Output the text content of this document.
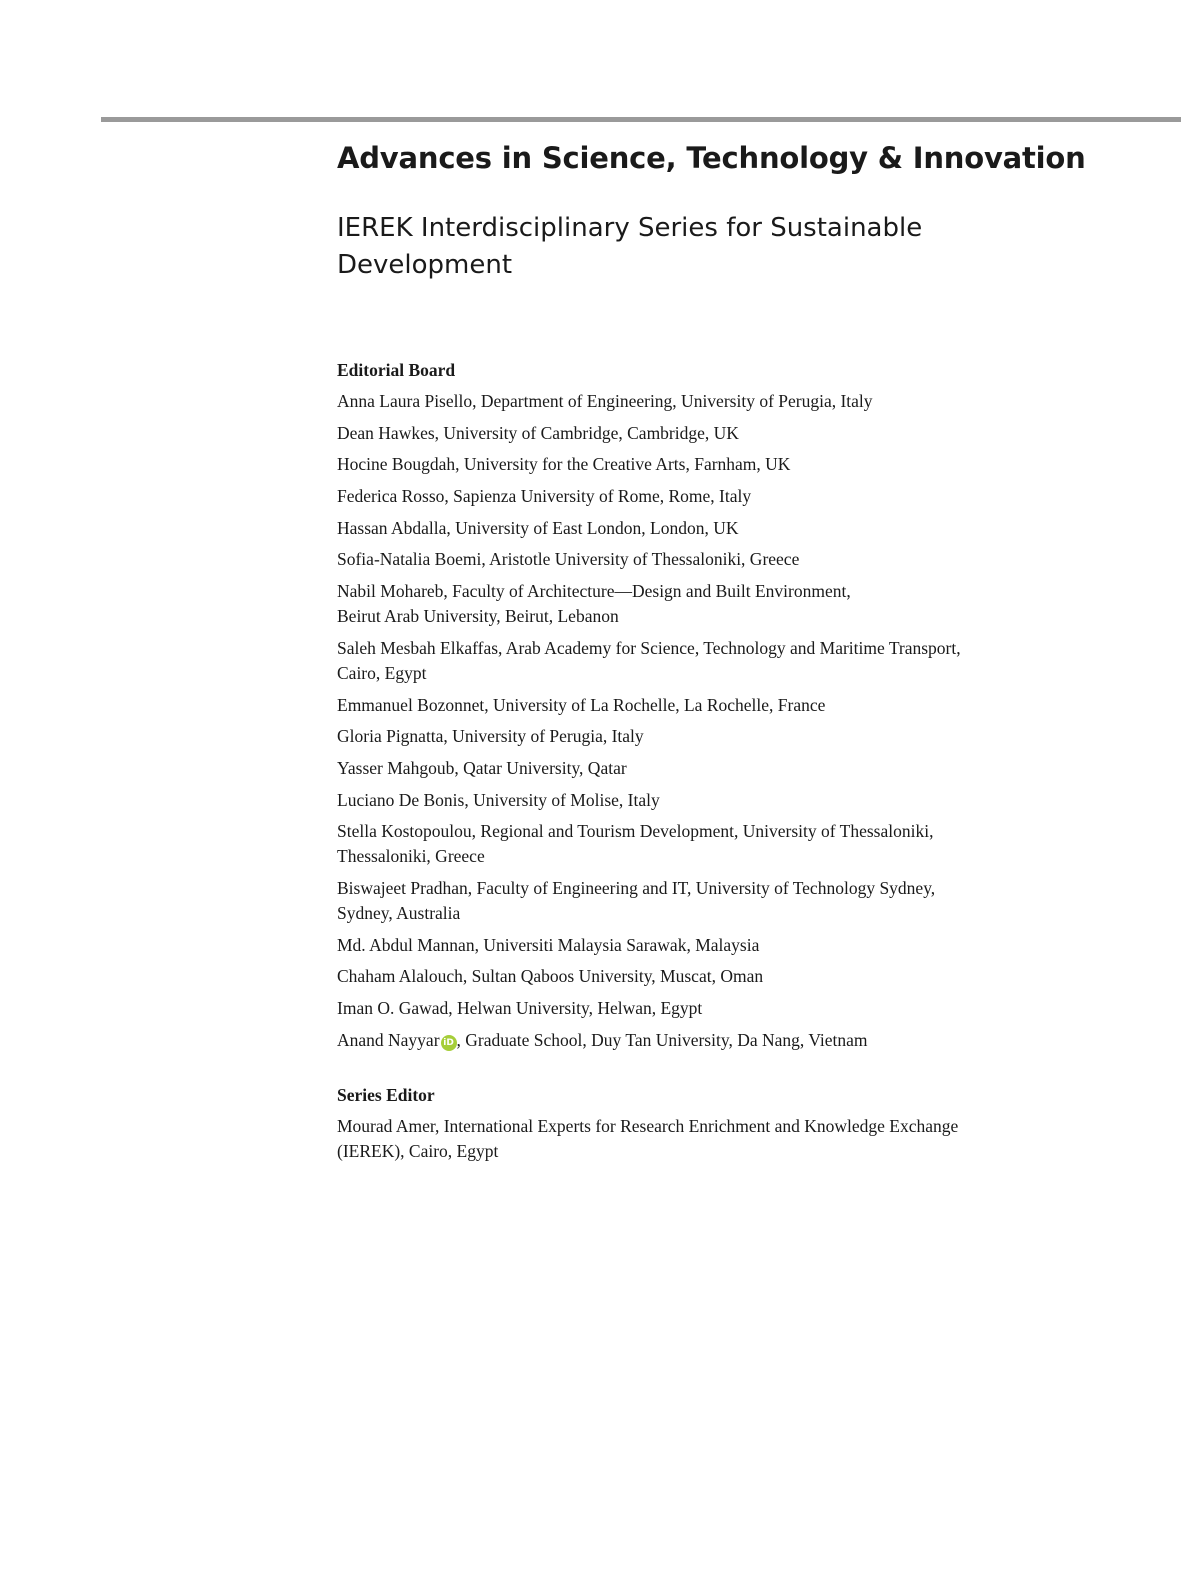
Advances in Science, Technology & Innovation
IEREK Interdisciplinary Series for Sustainable Development
Editorial Board
Anna Laura Pisello, Department of Engineering, University of Perugia, Italy
Dean Hawkes, University of Cambridge, Cambridge, UK
Hocine Bougdah, University for the Creative Arts, Farnham, UK
Federica Rosso, Sapienza University of Rome, Rome, Italy
Hassan Abdalla, University of East London, London, UK
Sofia-Natalia Boemi, Aristotle University of Thessaloniki, Greece
Nabil Mohareb, Faculty of Architecture—Design and Built Environment,
Beirut Arab University, Beirut, Lebanon
Saleh Mesbah Elkaffas, Arab Academy for Science, Technology and Maritime Transport,
Cairo, Egypt
Emmanuel Bozonnet, University of La Rochelle, La Rochelle, France
Gloria Pignatta, University of Perugia, Italy
Yasser Mahgoub, Qatar University, Qatar
Luciano De Bonis, University of Molise, Italy
Stella Kostopoulou, Regional and Tourism Development, University of Thessaloniki,
Thessaloniki, Greece
Biswajeet Pradhan, Faculty of Engineering and IT, University of Technology Sydney,
Sydney, Australia
Md. Abdul Mannan, Universiti Malaysia Sarawak, Malaysia
Chaham Alalouch, Sultan Qaboos University, Muscat, Oman
Iman O. Gawad, Helwan University, Helwan, Egypt
Anand Nayyar iD , Graduate School, Duy Tan University, Da Nang, Vietnam
Series Editor
Mourad Amer, International Experts for Research Enrichment and Knowledge Exchange
(IEREK), Cairo, Egypt
